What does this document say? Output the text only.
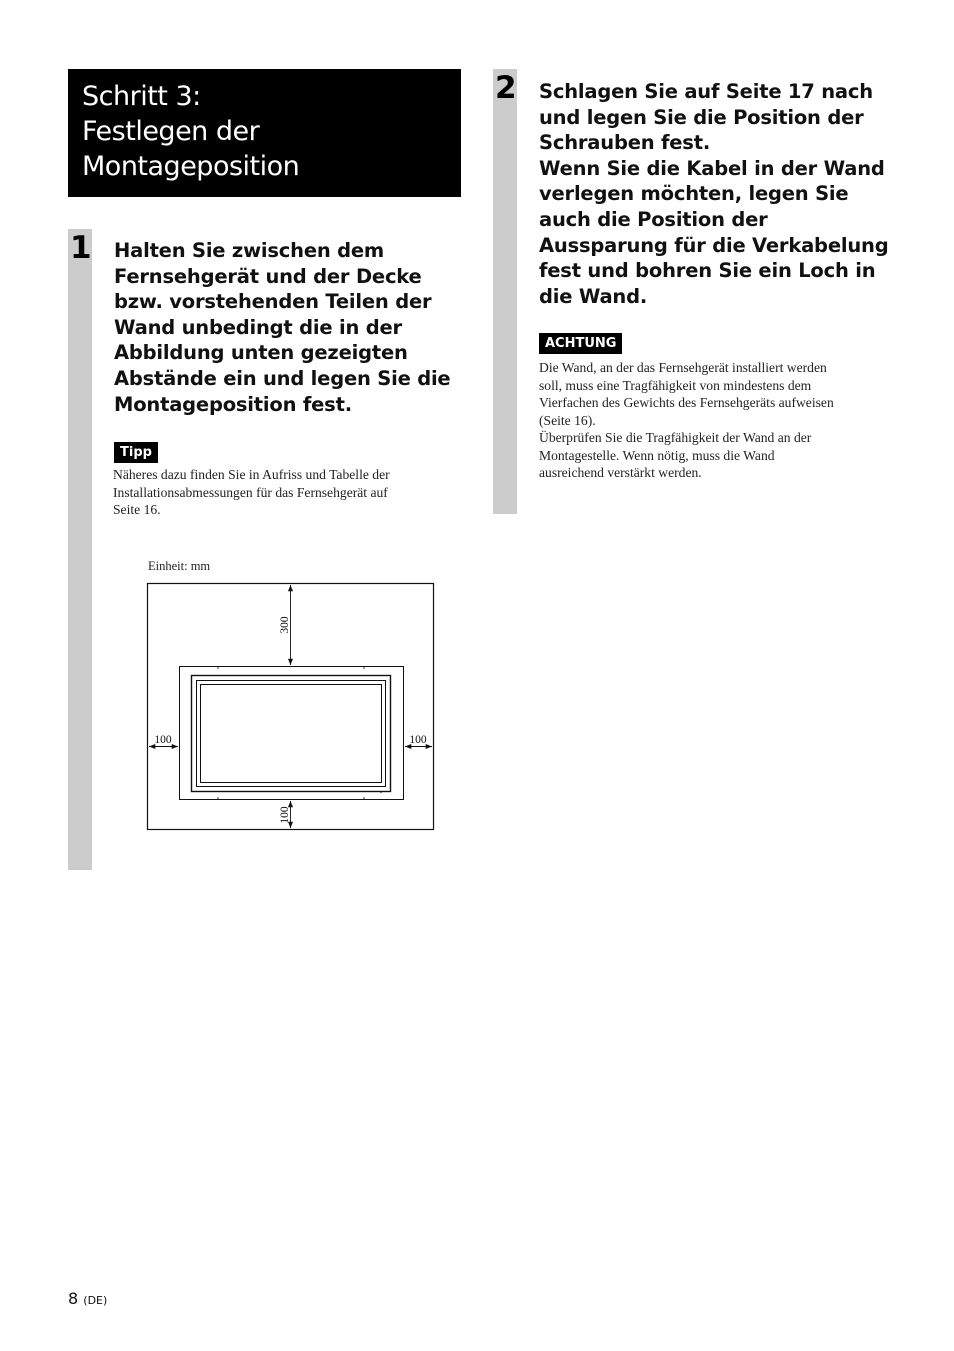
Schritt 3:
Festlegen der
Montageposition
1 Halten Sie zwischen dem
Fernsehgerät und der Decke
bzw. vorstehenden Teilen der
Wand unbedingt die in der
Abbildung unten gezeigten
Abstände ein und legen Sie die
Montageposition fest.
Tipp
Näheres dazu finden Sie in Aufriss und Tabelle der
Installationsabmessungen für das Fernsehgerät auf
Seite 16.
Einheit: mm
300
100	100
100
2 Schlagen Sie auf Seite 17 nach
und legen Sie die Position der
Schrauben fest.
Wenn Sie die Kabel in der Wand
verlegen möchten, legen Sie
auch die Position der
Aussparung für die Verkabelung
fest und bohren Sie ein Loch in
die Wand.
ACHTUNG
Die Wand, an der das Fernsehgerät installiert werden
soll, muss eine Tragfähigkeit von mindestens dem
Vierfachen des Gewichts des Fernsehgeräts aufweisen
(Seite 16).
Überprüfen Sie die Tragfähigkeit der Wand an der
Montagestelle. Wenn nötig, muss die Wand
ausreichend verstärkt werden.
8 (DE)
